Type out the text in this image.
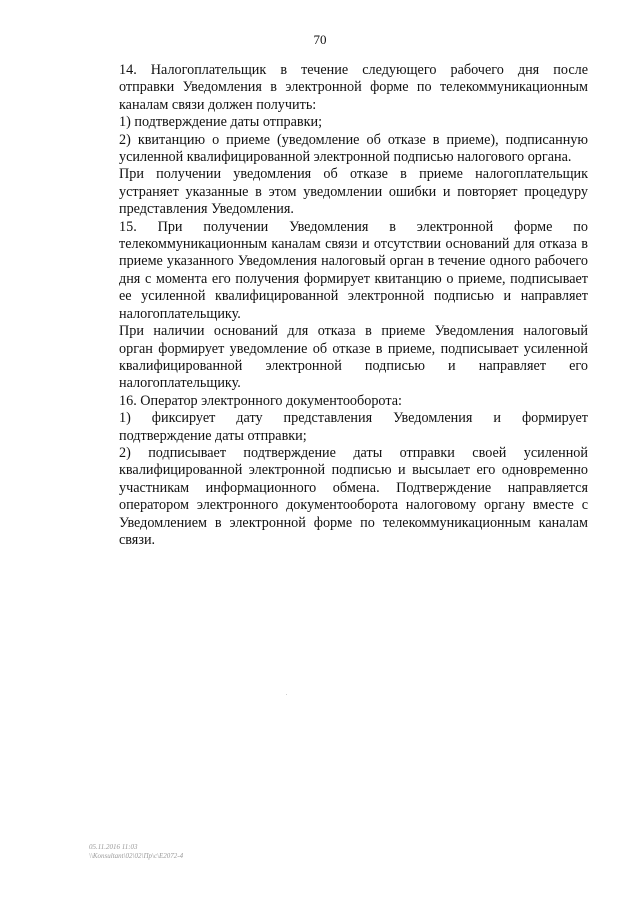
70

14. Налогоплательщик в течение следующего рабочего дня после
отправки Уведомления в электронной форме по телекоммуникационным
каналам связи должен получить:

1) подтверждение даты отправки;

2) квитанцию о приеме (уведомление об отказе в приеме), подписанную
усиленной квалифицированной электронной подписью налогового органа.

При получении уведомления об отказе в приеме налогоплательщик
устраняет указанные в этом уведомлении ошибки и повторяет процедуру
представления Уведомления.

15. При получении Уведомления в электронной форме по
телекоммуникационным каналам связи и отсутствии оснований для отказа в
приеме указанного Уведомления налоговый орган в течение одного рабочего
дня с момента его получения формирует квитанцию о приеме, подписывает
ее усиленной квалифицированной электронной подписью и направляет
налогоплательщику.

При наличии оснований для отказа в приеме Уведомления налоговый
орган формирует уведомление об отказе в приеме, подписывает усиленной
квалифицированной электронной подписью и направляет его
налогоплательщику.

16. Оператор электронного документооборота:

1) фиксирует дату представления Уведомления и формирует
подтверждение даты отправки;

2) подписывает подтверждение даты отправки своей усиленной
квалифицированной электронной подписью и высылает его одновременно
участникам информационного обмена. Подтверждение направляется
оператором электронного документооборота налоговому органу вместе с
Уведомлением в электронной форме по телекоммуникационным каналам
связи.

05.11.2016 11:03
\\Konsultant\02\02\Пр\с\E2072-4
